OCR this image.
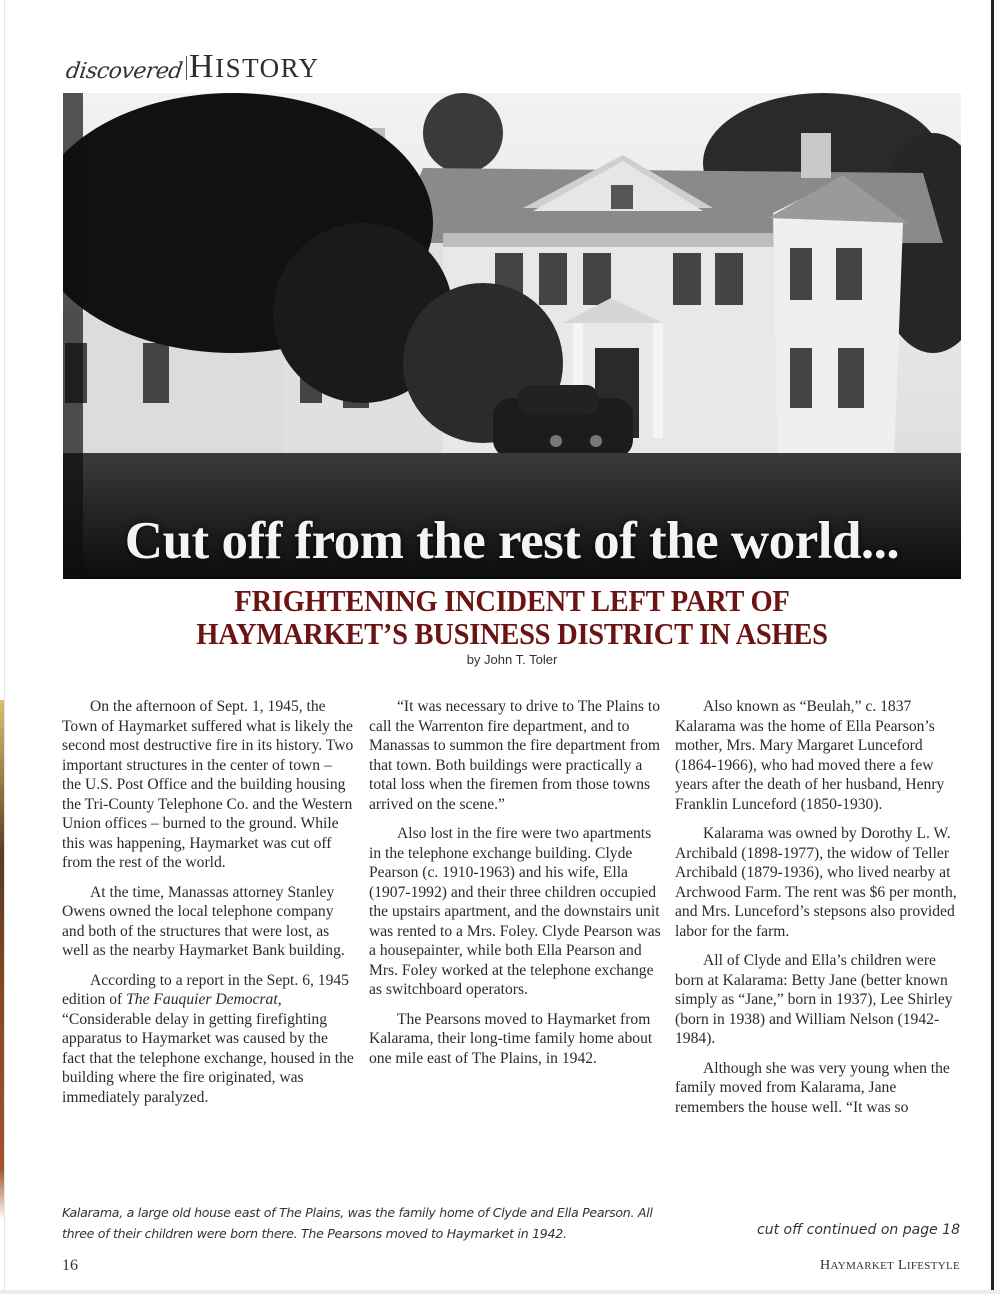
discovered HISTORY
Cut off from the rest of the world...
FRIGHTENING INCIDENT LEFT PART OF
HAYMARKET’S BUSINESS DISTRICT IN ASHES
by John T. Toler

On the afternoon of Sept. 1, 1945, the Town of Haymarket suffered what is likely the second most destructive fire in its history. Two important structures in the center of town – the U.S. Post Office and the building housing the Tri-County Telephone Co. and the Western Union offices – burned to the ground. While this was happening, Haymarket was cut off from the rest of the world.

At the time, Manassas attorney Stanley Owens owned the local telephone company and both of the structures that were lost, as well as the nearby Haymarket Bank building.

According to a report in the Sept. 6, 1945 edition of The Fauquier Democrat, “Considerable delay in getting firefighting apparatus to Haymarket was caused by the fact that the telephone exchange, housed in the building where the fire originated, was immediately paralyzed.

“It was necessary to drive to The Plains to call the Warrenton fire department, and to Manassas to summon the fire department from that town. Both buildings were practically a total loss when the firemen from those towns arrived on the scene.”

Also lost in the fire were two apartments in the telephone exchange building. Clyde Pearson (c. 1910-1963) and his wife, Ella (1907-1992) and their three children occupied the upstairs apartment, and the downstairs unit was rented to a Mrs. Foley. Clyde Pearson was a housepainter, while both Ella Pearson and Mrs. Foley worked at the telephone exchange as switchboard operators.

The Pearsons moved to Haymarket from Kalarama, their long-time family home about one mile east of The Plains, in 1942.

Also known as “Beulah,” c. 1837 Kalarama was the home of Ella Pearson’s mother, Mrs. Mary Margaret Lunceford (1864-1966), who had moved there a few years after the death of her husband, Henry Franklin Lunceford (1850-1930).

Kalarama was owned by Dorothy L. W. Archibald (1898-1977), the widow of Teller Archibald (1879-1936), who lived nearby at Archwood Farm. The rent was $6 per month, and Mrs. Lunceford’s stepsons also provided labor for the farm.

All of Clyde and Ella’s children were born at Kalarama: Betty Jane (better known simply as “Jane,” born in 1937), Lee Shirley (born in 1938) and William Nelson (1942-1984).

Although she was very young when the family moved from Kalarama, Jane remembers the house well. “It was so

Kalarama, a large old house east of The Plains, was the family home of Clyde and Ella Pearson. All three of their children were born there. The Pearsons moved to Haymarket in 1942.	cut off continued on page 18
16	HAYMARKET LIFESTYLE
